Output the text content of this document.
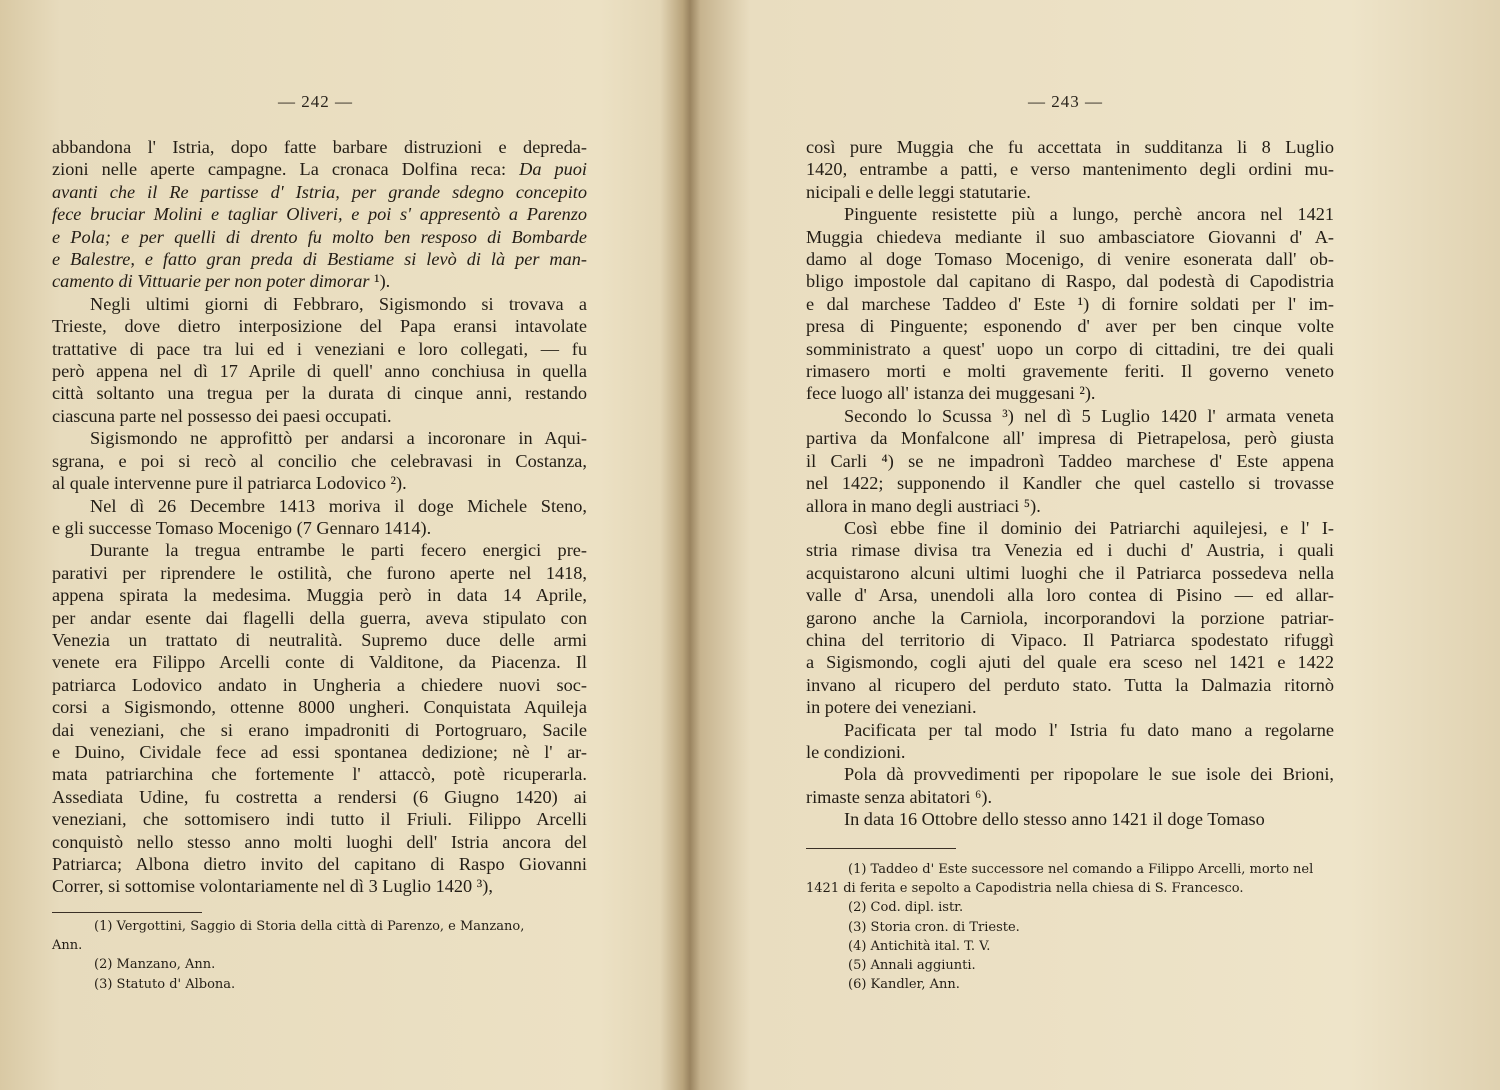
— 242 —
abbandona l' Istria, dopo fatte barbare distruzioni e depreda-
zioni nelle aperte campagne. La cronaca Dolfina reca: Da puoi
avanti che il Re partisse d' Istria, per grande sdegno concepito
fece bruciar Molini e tagliar Oliveri, e poi s' appresentò a Parenzo
e Pola; e per quelli di drento fu molto ben resposo di Bombarde
e Balestre, e fatto gran preda di Bestiame si levò di là per man-
camento di Vittuarie per non poter dimorar ¹).
Negli ultimi giorni di Febbraro, Sigismondo si trovava a
Trieste, dove dietro interposizione del Papa eransi intavolate
trattative di pace tra lui ed i veneziani e loro collegati, — fu
però appena nel dì 17 Aprile di quell' anno conchiusa in quella
città soltanto una tregua per la durata di cinque anni, restando
ciascuna parte nel possesso dei paesi occupati.
Sigismondo ne approfittò per andarsi a incoronare in Aqui-
sgrana, e poi si recò al concilio che celebravasi in Costanza,
al quale intervenne pure il patriarca Lodovico ²).
Nel dì 26 Decembre 1413 moriva il doge Michele Steno,
e gli successe Tomaso Mocenigo (7 Gennaro 1414).
Durante la tregua entrambe le parti fecero energici pre-
parativi per riprendere le ostilità, che furono aperte nel 1418,
appena spirata la medesima. Muggia però in data 14 Aprile,
per andar esente dai flagelli della guerra, aveva stipulato con
Venezia un trattato di neutralità. Supremo duce delle armi
venete era Filippo Arcelli conte di Valditone, da Piacenza. Il
patriarca Lodovico andato in Ungheria a chiedere nuovi soc-
corsi a Sigismondo, ottenne 8000 ungheri. Conquistata Aquileja
dai veneziani, che si erano impadroniti di Portogruaro, Sacile
e Duino, Cividale fece ad essi spontanea dedizione; nè l' ar-
mata patriarchina che fortemente l' attaccò, potè ricuperarla.
Assediata Udine, fu costretta a rendersi (6 Giugno 1420) ai
veneziani, che sottomisero indi tutto il Friuli. Filippo Arcelli
conquistò nello stesso anno molti luoghi dell' Istria ancora del
Patriarca; Albona dietro invito del capitano di Raspo Giovanni
Correr, si sottomise volontariamente nel dì 3 Luglio 1420 ³),
(1) Vergottini, Saggio di Storia della città di Parenzo, e Manzano,
Ann.
(2) Manzano, Ann.
(3) Statuto d' Albona.
— 243 —
così pure Muggia che fu accettata in sudditanza li 8 Luglio
1420, entrambe a patti, e verso mantenimento degli ordini mu-
nicipali e delle leggi statutarie.
Pinguente resistette più a lungo, perchè ancora nel 1421
Muggia chiedeva mediante il suo ambasciatore Giovanni d' A-
damo al doge Tomaso Mocenigo, di venire esonerata dall' ob-
bligo impostole dal capitano di Raspo, dal podestà di Capodistria
e dal marchese Taddeo d' Este ¹) di fornire soldati per l' im-
presa di Pinguente; esponendo d' aver per ben cinque volte
somministrato a quest' uopo un corpo di cittadini, tre dei quali
rimasero morti e molti gravemente feriti. Il governo veneto
fece luogo all' istanza dei muggesani ²).
Secondo lo Scussa ³) nel dì 5 Luglio 1420 l' armata veneta
partiva da Monfalcone all' impresa di Pietrapelosa, però giusta
il Carli ⁴) se ne impadronì Taddeo marchese d' Este appena
nel 1422; supponendo il Kandler che quel castello si trovasse
allora in mano degli austriaci ⁵).
Così ebbe fine il dominio dei Patriarchi aquilejesi, e l' I-
stria rimase divisa tra Venezia ed i duchi d' Austria, i quali
acquistarono alcuni ultimi luoghi che il Patriarca possedeva nella
valle d' Arsa, unendoli alla loro contea di Pisino — ed allar-
garono anche la Carniola, incorporandovi la porzione patriar-
china del territorio di Vipaco. Il Patriarca spodestato rifuggì
a Sigismondo, cogli ajuti del quale era sceso nel 1421 e 1422
invano al ricupero del perduto stato. Tutta la Dalmazia ritornò
in potere dei veneziani.
Pacificata per tal modo l' Istria fu dato mano a regolarne
le condizioni.
Pola dà provvedimenti per ripopolare le sue isole dei Brioni,
rimaste senza abitatori ⁶).
In data 16 Ottobre dello stesso anno 1421 il doge Tomaso
(1) Taddeo d' Este successore nel comando a Filippo Arcelli, morto nel
1421 di ferita e sepolto a Capodistria nella chiesa di S. Francesco.
(2) Cod. dipl. istr.
(3) Storia cron. di Trieste.
(4) Antichità ital. T. V.
(5) Annali aggiunti.
(6) Kandler, Ann.
